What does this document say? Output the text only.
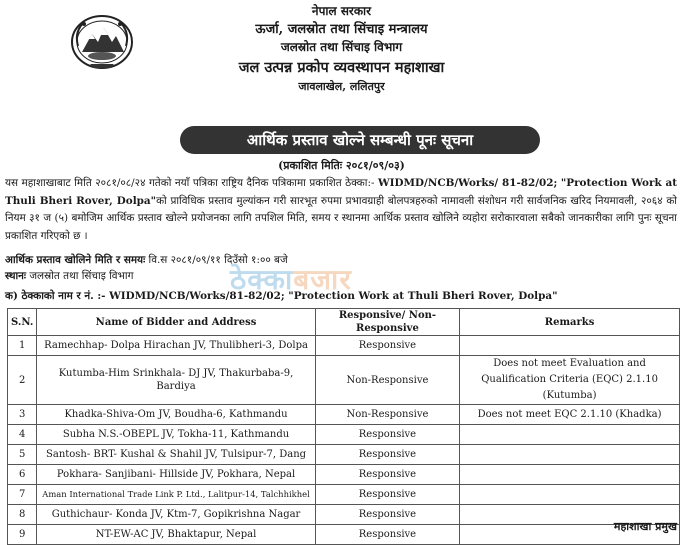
नेपाल सरकार
ऊर्जा, जलस्रोत तथा सिंचाइ मन्त्रालय
जलस्रोत तथा सिंचाइ विभाग
जल उत्पन्न प्रकोप व्यवस्थापन महाशाखा
जावलाखेल, ललितपुर
आर्थिक प्रस्ताव खोल्ने सम्बन्धी पूनः सूचना
(प्रकाशित मितिः २०८१/०९/०३)
यस महाशाखाबाट मिति २०८१/०८/२४ गतेको नयाँ पत्रिका राष्ट्रिय दैनिक पत्रिकामा प्रकाशित ठेक्का:- WIDMD/NCB/Works/ 81-82/02; "Protection Work at Thuli Bheri Rover, Dolpa"को प्राविधिक प्रस्ताव मुल्यांकन गरी सारभूत रुपमा प्रभावग्राही बोलपत्रहरुको नामावली संशोधन गरी सार्वजनिक खरिद नियमावली, २०६४ को नियम ३१ ज (५) बमोजिम आर्थिक प्रस्ताव खोल्ने प्रयोजनका लागि तपशिल मिति, समय र स्थानमा आर्थिक प्रस्ताव खोलिने व्यहोरा सरोकारवाला सबैको जानकारीका लागि पुनः सूचना प्रकाशित गरिएको छ ।
आर्थिक प्रस्ताव खोलिने मिति र समयः वि.स २०८१/०९/११ दिउँसो १:०० बजे
स्थानः जलस्रोत तथा सिंचाइ विभाग	ठेक्काबजार
क) ठेक्काको नाम र नं. :- WIDMD/NCB/Works/81-82/02; "Protection Work at Thuli Bheri Rover, Dolpa"
S.N.	Name of Bidder and Address	Responsive/ Non-Responsive	Remarks
1	Ramechhap- Dolpa Hirachan JV, Thulibheri-3, Dolpa	Responsive	
2	Kutumba-Him Srinkhala- DJ JV, Thakurbaba-9, Bardiya	Non-Responsive	Does not meet Evaluation and Qualification Criteria (EQC) 2.1.10 (Kutumba)
3	Khadka-Shiva-Om JV, Boudha-6, Kathmandu	Non-Responsive	Does not meet EQC 2.1.10 (Khadka)
4	Subha N.S.-OBEPL JV, Tokha-11, Kathmandu	Responsive	
5	Santosh- BRT- Kushal & Shahil JV, Tulsipur-7, Dang	Responsive	
6	Pokhara- Sanjibani- Hillside JV, Pokhara, Nepal	Responsive	
7	Aman International Trade Link P. Ltd., Lalitpur-14, Talchhikhel	Responsive	
8	Guthichaur- Konda JV, Ktm-7, Gopikrishna Nagar	Responsive	
9	NT-EW-AC JV, Bhaktapur, Nepal	Responsive	
महाशाखा प्रमुख
